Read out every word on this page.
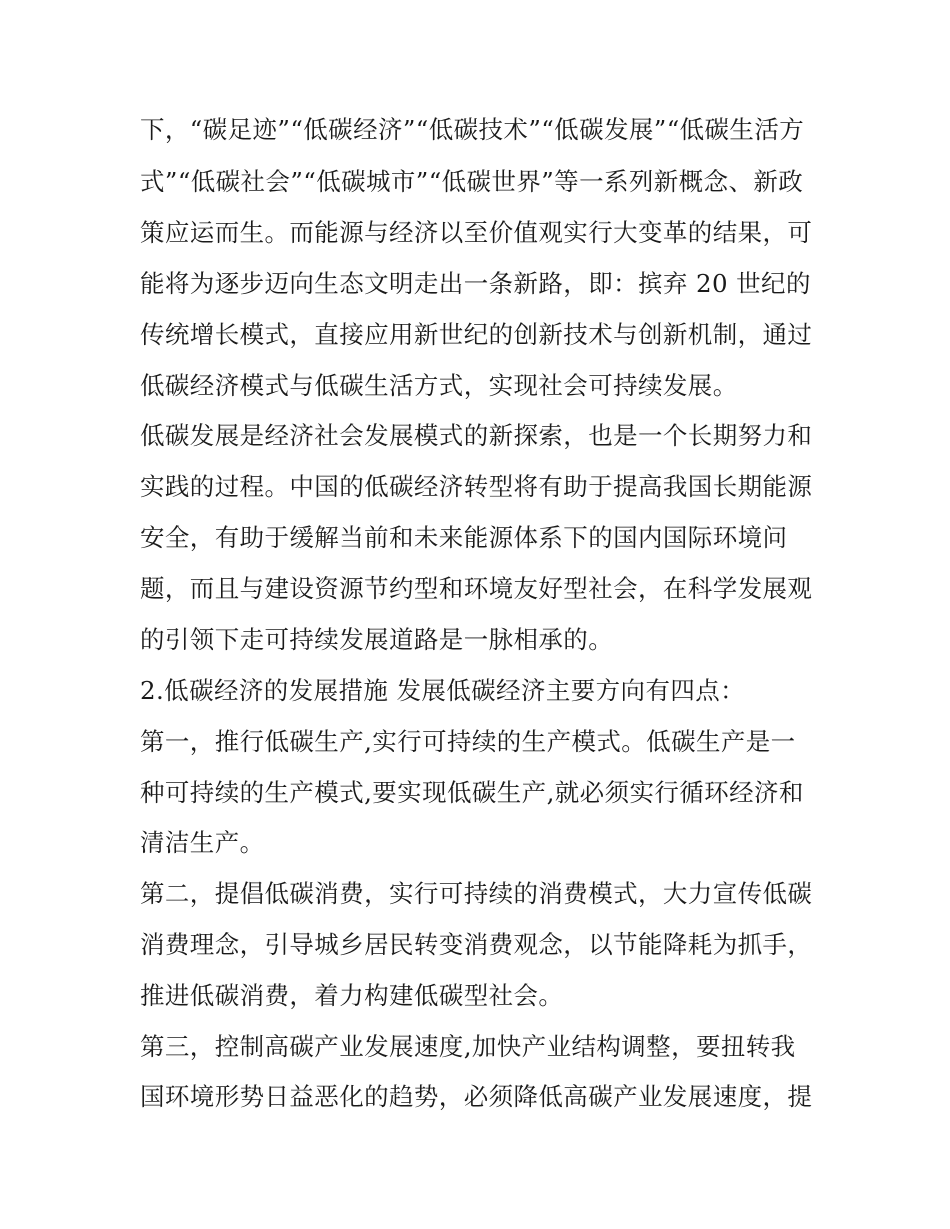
下，“碳足迹”“低碳经济”“低碳技术”“低碳发展”“低碳生活方
式”“低碳社会”“低碳城市”“低碳世界”等一系列新概念、新政
策应运而生。而能源与经济以至价值观实行大变革的结果，可
能将为逐步迈向生态文明走出一条新路，即：摈弃 20 世纪的
传统增长模式，直接应用新世纪的创新技术与创新机制，通过
低碳经济模式与低碳生活方式，实现社会可持续发展。
低碳发展是经济社会发展模式的新探索，也是一个长期努力和
实践的过程。中国的低碳经济转型将有助于提高我国长期能源
安全，有助于缓解当前和未来能源体系下的国内国际环境问
题，而且与建设资源节约型和环境友好型社会，在科学发展观
的引领下走可持续发展道路是一脉相承的。
2.低碳经济的发展措施 发展低碳经济主要方向有四点：
第一，推行低碳生产,实行可持续的生产模式。低碳生产是一
种可持续的生产模式,要实现低碳生产,就必须实行循环经济和
清洁生产。
第二，提倡低碳消费，实行可持续的消费模式，大力宣传低碳
消费理念，引导城乡居民转变消费观念，以节能降耗为抓手，
推进低碳消费，着力构建低碳型社会。
第三，控制高碳产业发展速度,加快产业结构调整，要扭转我
国环境形势日益恶化的趋势，必须降低高碳产业发展速度，提
